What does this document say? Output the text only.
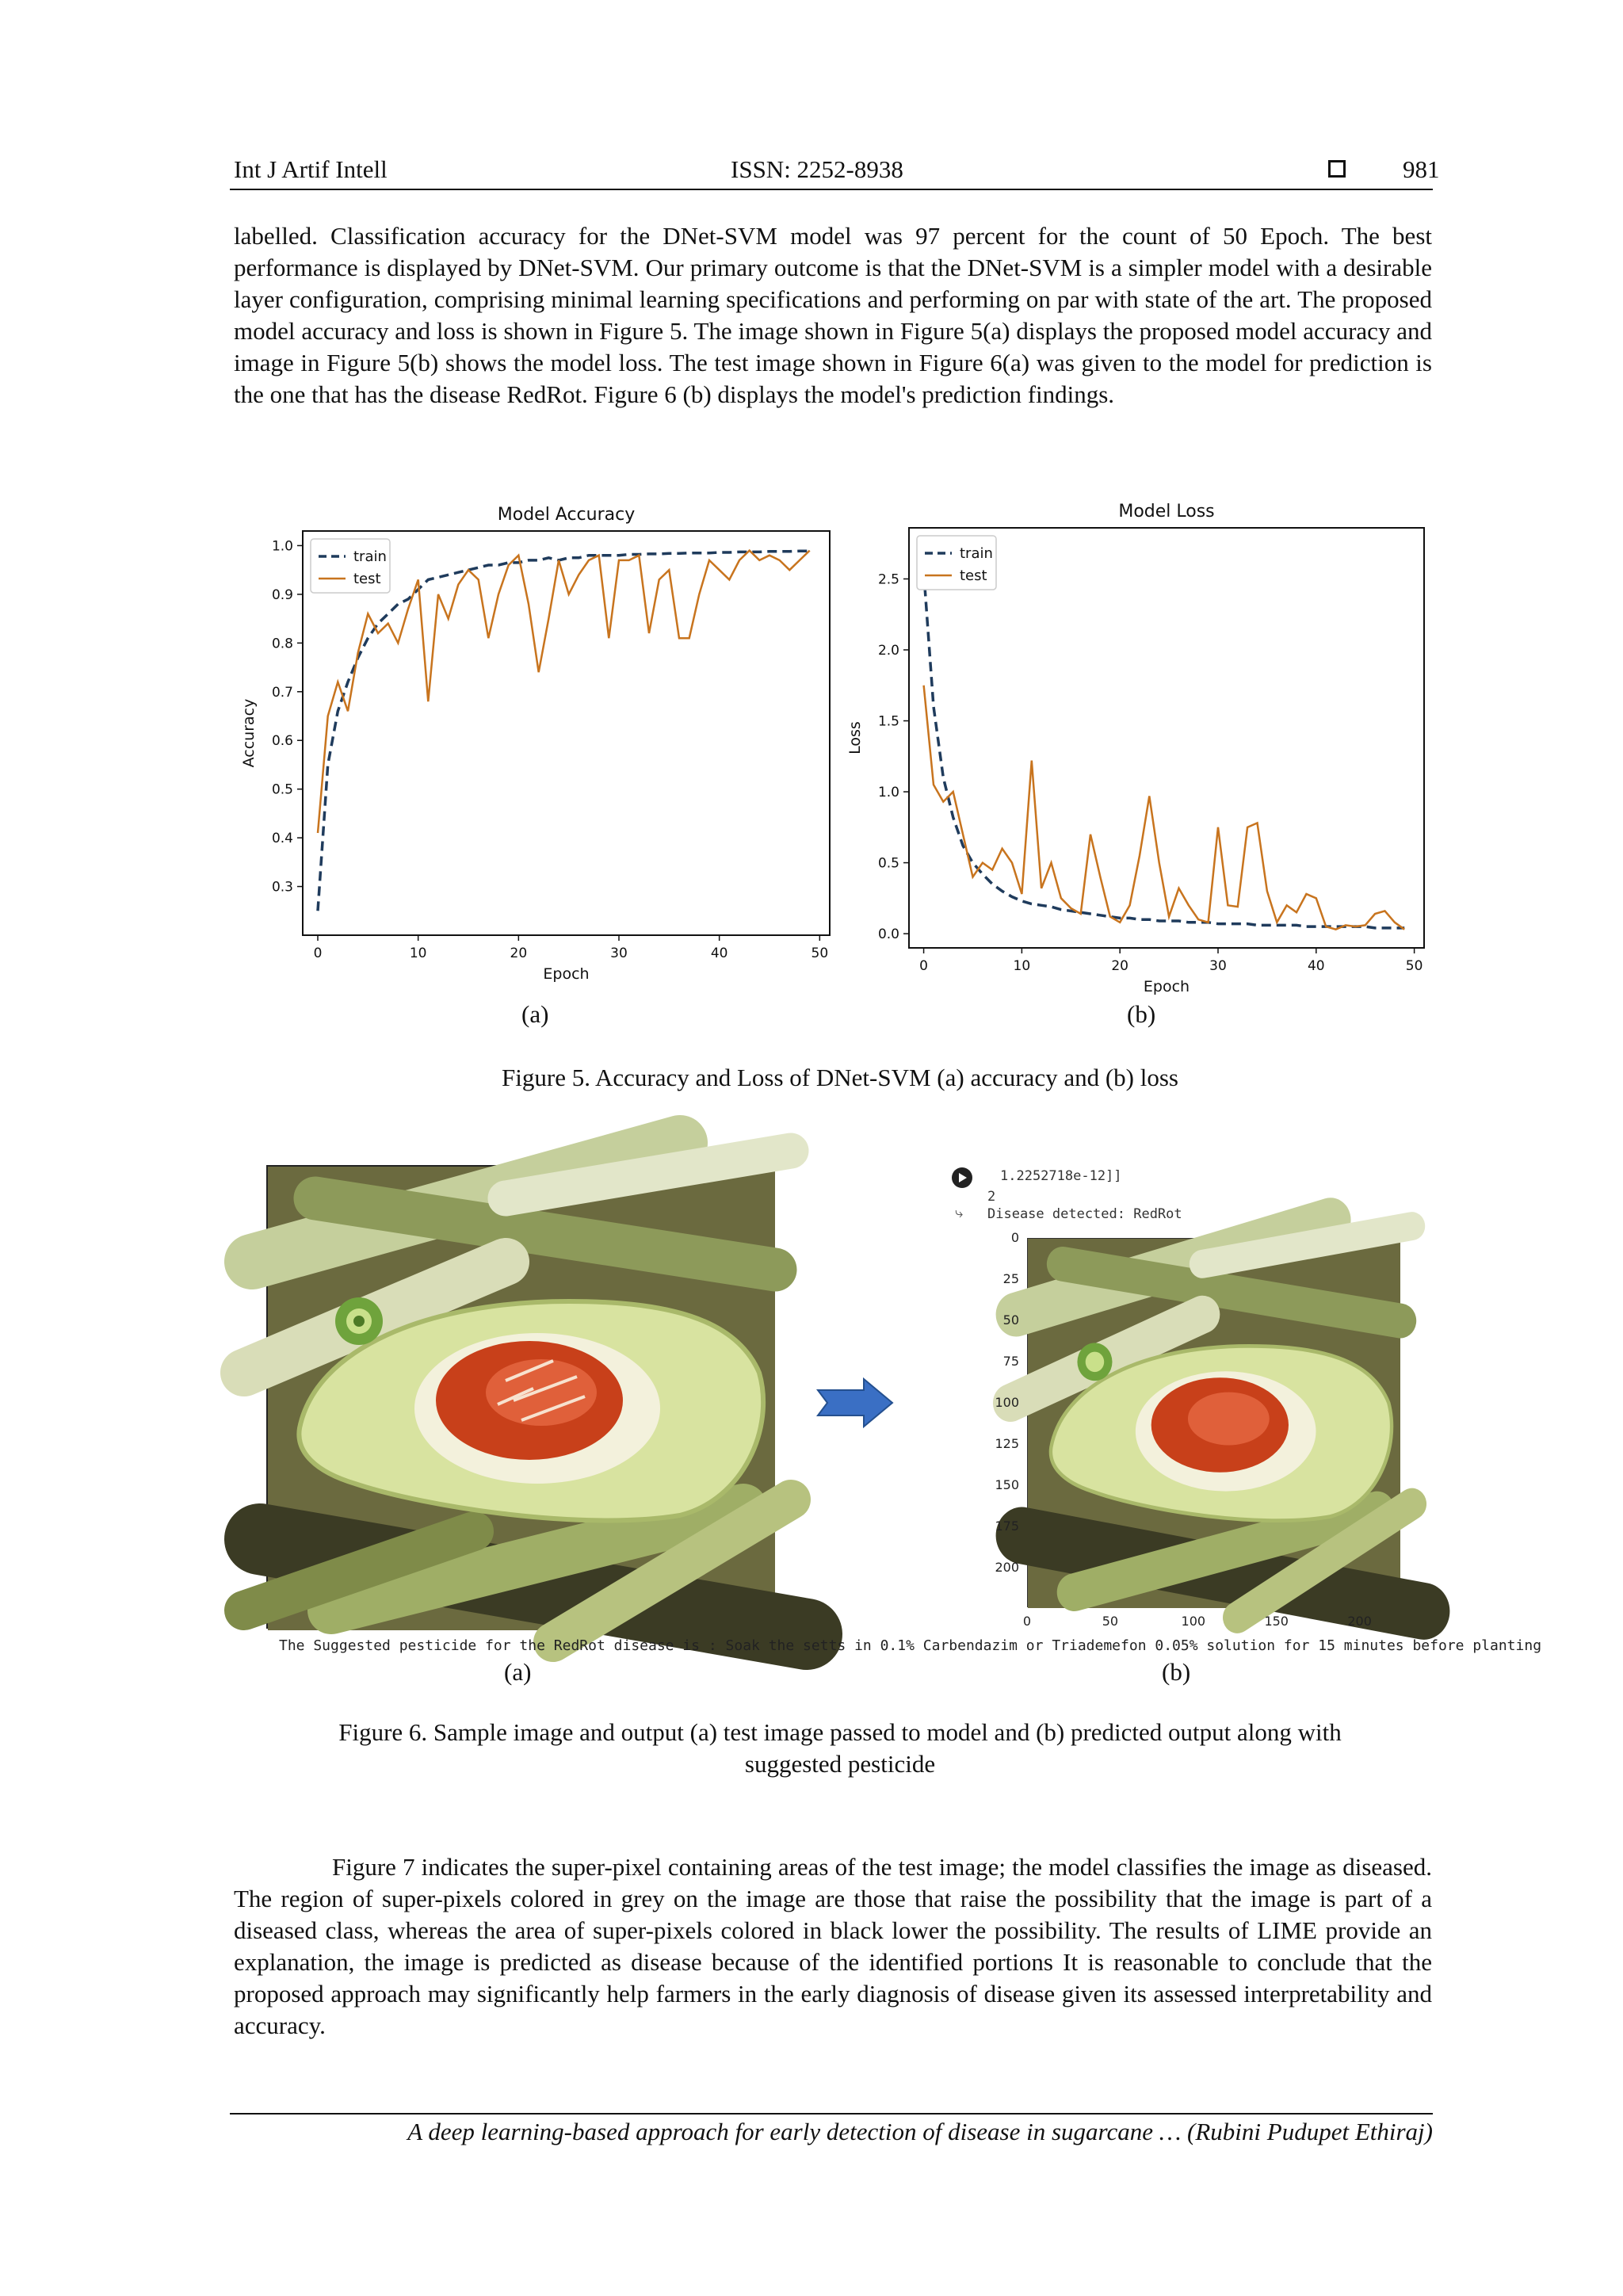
Int J Artif Intell	ISSN: 2252-8938	981
labelled. Classification accuracy for the DNet-SVM model was 97 percent for the count of 50 Epoch. The best performance is displayed by DNet-SVM. Our primary outcome is that the DNet-SVM is a simpler model with a desirable layer configuration, comprising minimal learning specifications and performing on par with state of the art. The proposed model accuracy and loss is shown in Figure 5. The image shown in Figure 5(a) displays the proposed model accuracy and image in Figure 5(b) shows the model loss. The test image shown in Figure 6(a) was given to the model for prediction is the one that has the disease RedRot. Figure 6 (b) displays the model's prediction findings.
Model Accuracy
0	10	20	30	40	50
0.3
0.4
0.5
0.6
0.7
0.8
0.9
1.0
Epoch
Accuracy
train
test
Model Loss
0	10	20	30	40	50
0.0
0.5
1.0
1.5
2.0
2.5
Epoch
Loss
train
test
(a)	(b)
Figure 5. Accuracy and Loss of DNet-SVM (a) accuracy and (b) loss
1.2252718e-12]]
2
⤷ Disease detected: RedRot
0
25
50
75
100
125
150
175
200
0	50	100	150	200
The Suggested pesticide for the RedRot disease is : Soak the setts in 0.1% Carbendazim or Triademefon 0.05% solution for 15 minutes before planting
(a)	(b)
Figure 6. Sample image and output (a) test image passed to model and (b) predicted output along with
suggested pesticide
Figure 7 indicates the super-pixel containing areas of the test image; the model classifies the image as diseased. The region of super-pixels colored in grey on the image are those that raise the possibility that the image is part of a diseased class, whereas the area of super-pixels colored in black lower the possibility. The results of LIME provide an explanation, the image is predicted as disease because of the identified portions It is reasonable to conclude that the proposed approach may significantly help farmers in the early diagnosis of disease given its assessed interpretability and accuracy.
A deep learning-based approach for early detection of disease in sugarcane … (Rubini Pudupet Ethiraj)
